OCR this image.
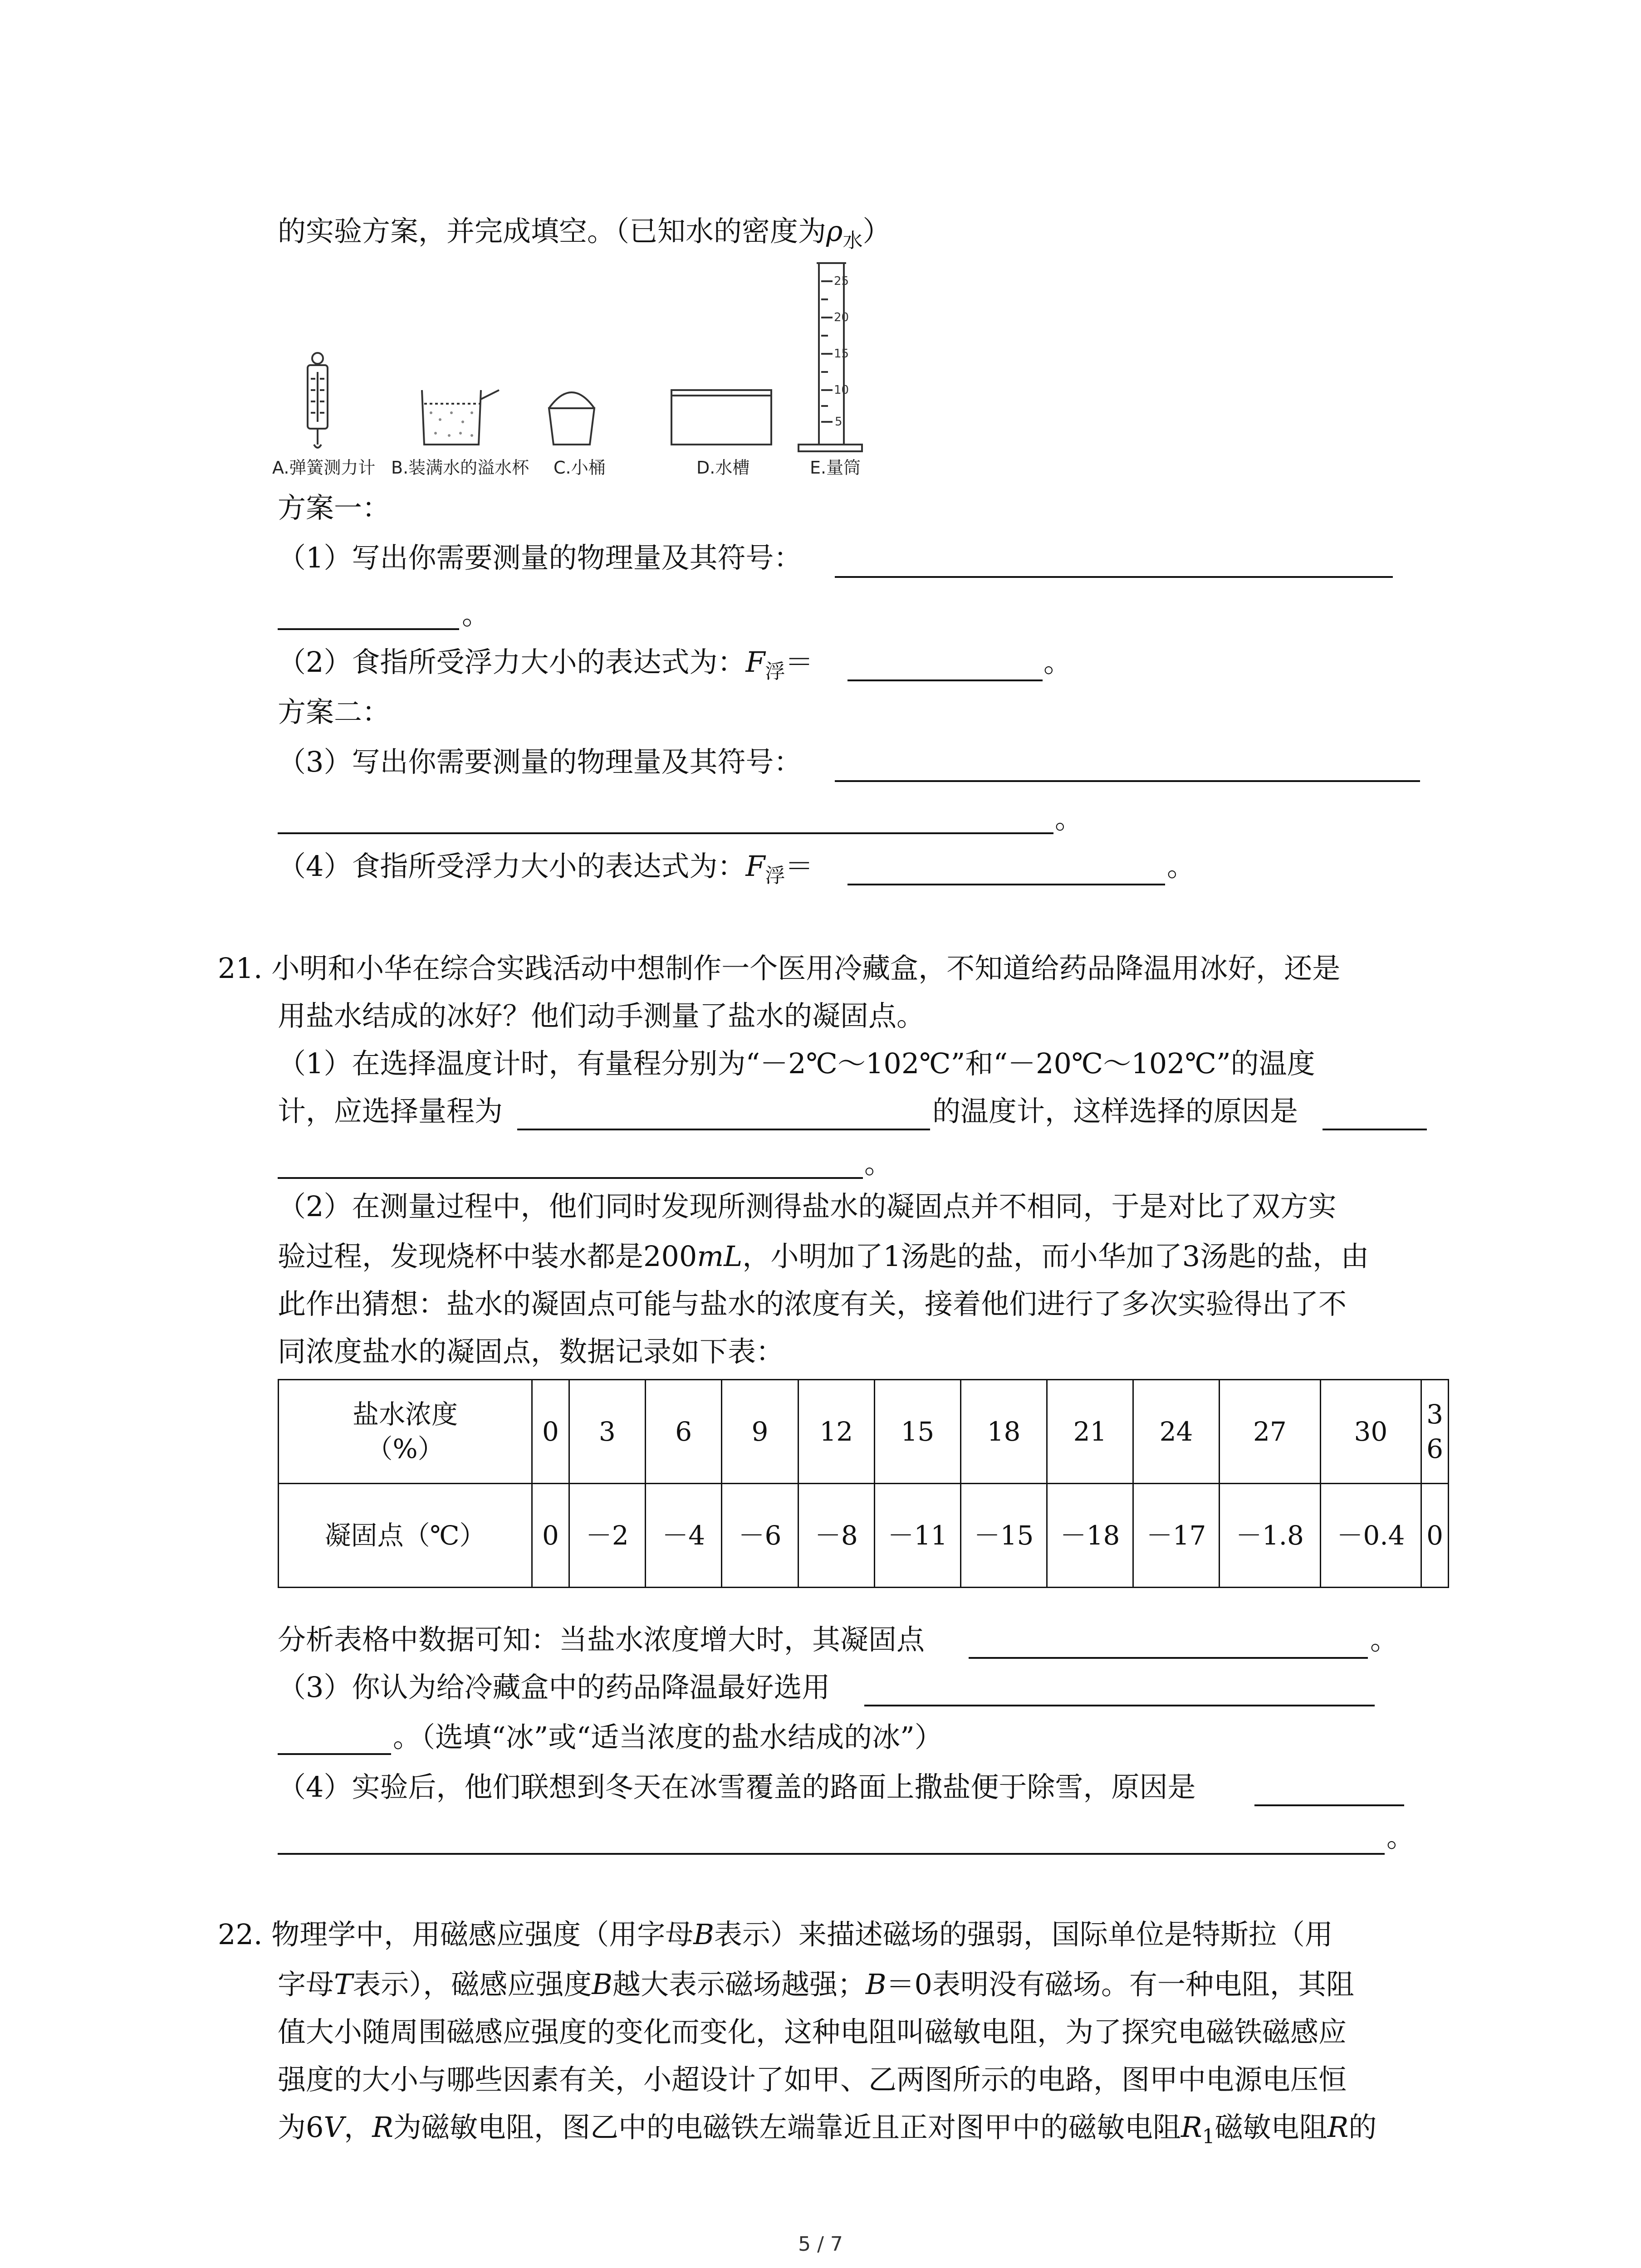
的实验方案，并完成填空。（已知水的密度为$\rho_水$）
25
20
15
10
5
A.弹簧测力计 B.装满水的溢水杯 C.小桶	D.水槽	E.量筒
方案一：
（1）写出你需要测量的物理量及其符号：
。
（2）食指所受浮力大小的表达式为：$F_浮=$	。
方案二：
（3）写出你需要测量的物理量及其符号：
。
（4）食指所受浮力大小的表达式为：$F_浮=$	。
21. 小明和小华在综合实践活动中想制作一个医用冷藏盒，不知道给药品降温用冰好，还是
用盐水结成的冰好？他们动手测量了盐水的凝固点。
（1）在选择温度计时，有量程分别为“－2℃～102℃”和“－20℃～102℃”的温度
计，应选择量程为	的温度计，这样选择的原因是
。
（2）在测量过程中，他们同时发现所测得盐水的凝固点并不相同，于是对比了双方实
验过程，发现烧杯中装水都是200mL，小明加了1汤匙的盐，而小华加了3汤匙的盐，由
此作出猜想：盐水的凝固点可能与盐水的浓度有关，接着他们进行了多次实验得出了不
同浓度盐水的凝固点，数据记录如下表：
盐水浓度
（%）	0	3	6	9	12	15	18	21	24	27	30	36
凝固点（℃）	0	－2	－4	－6	－8	－11	－15	－18	－17	－1.8	－0.4	0
分析表格中数据可知：当盐水浓度增大时，其凝固点	。
（3）你认为给冷藏盒中的药品降温最好选用
。（选填“冰”或“适当浓度的盐水结成的冰”）
（4）实验后，他们联想到冬天在冰雪覆盖的路面上撒盐便于除雪，原因是
。
22. 物理学中，用磁感应强度（用字母B表示）来描述磁场的强弱，国际单位是特斯拉（用
字母T表示），磁感应强度B越大表示磁场越强；B＝0表明没有磁场。有一种电阻，其阻
值大小随周围磁感应强度的变化而变化，这种电阻叫磁敏电阻，为了探究电磁铁磁感应
强度的大小与哪些因素有关，小超设计了如甲、乙两图所示的电路，图甲中电源电压恒
为6V，R为磁敏电阻，图乙中的电磁铁左端靠近且正对图甲中的磁敏电阻$R_1$磁敏电阻R的
5 / 7
